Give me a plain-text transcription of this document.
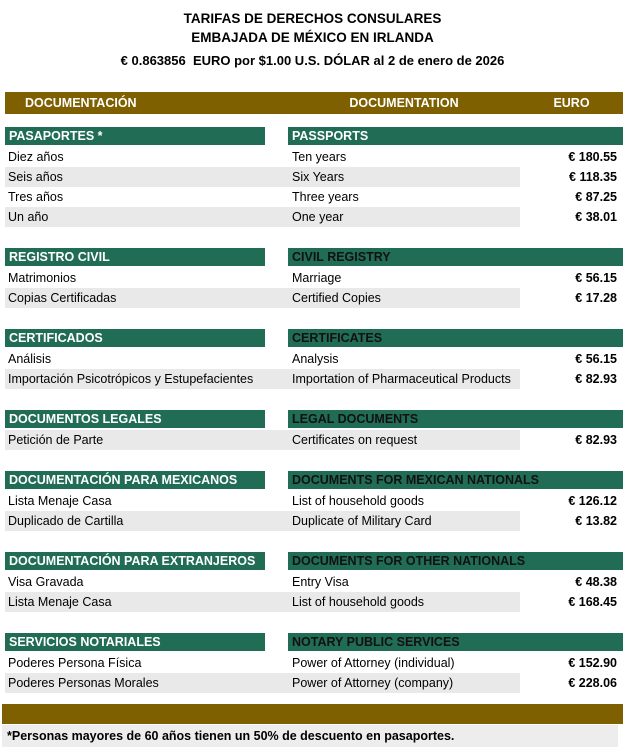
TARIFAS DE DERECHOS CONSULARES
EMBAJADA DE MÉXICO EN IRLANDA
€ 0.863856  EURO por $1.00 U.S. DÓLAR al 2 de enero de 2026
DOCUMENTACIÓN	DOCUMENTATION	EURO
PASAPORTES *	PASSPORTS
Diez años	Ten years	€ 180.55
Seis años	Six Years	€ 118.35
Tres años	Three years	€ 87.25
Un año	One year	€ 38.01
REGISTRO CIVIL	CIVIL REGISTRY
Matrimonios	Marriage	€ 56.15
Copias Certificadas	Certified Copies	€ 17.28
CERTIFICADOS	CERTIFICATES
Análisis	Analysis	€ 56.15
Importación Psicotrópicos y Estupefacientes	Importation of Pharmaceutical Products	€ 82.93
DOCUMENTOS LEGALES	LEGAL DOCUMENTS
Petición de Parte	Certificates on request	€ 82.93
DOCUMENTACIÓN PARA MEXICANOS	DOCUMENTS FOR MEXICAN NATIONALS
Lista Menaje Casa	List of household goods	€ 126.12
Duplicado de Cartilla	Duplicate of Military Card	€ 13.82
DOCUMENTACIÓN PARA EXTRANJEROS	DOCUMENTS FOR OTHER NATIONALS
Visa Gravada	Entry Visa	€ 48.38
Lista Menaje Casa	List of household goods	€ 168.45
SERVICIOS NOTARIALES	NOTARY PUBLIC SERVICES
Poderes Persona Física	Power of Attorney (individual)	€ 152.90
Poderes Personas Morales	Power of Attorney (company)	€ 228.06
*Personas mayores de 60 años tienen un 50% de descuento en pasaportes.
